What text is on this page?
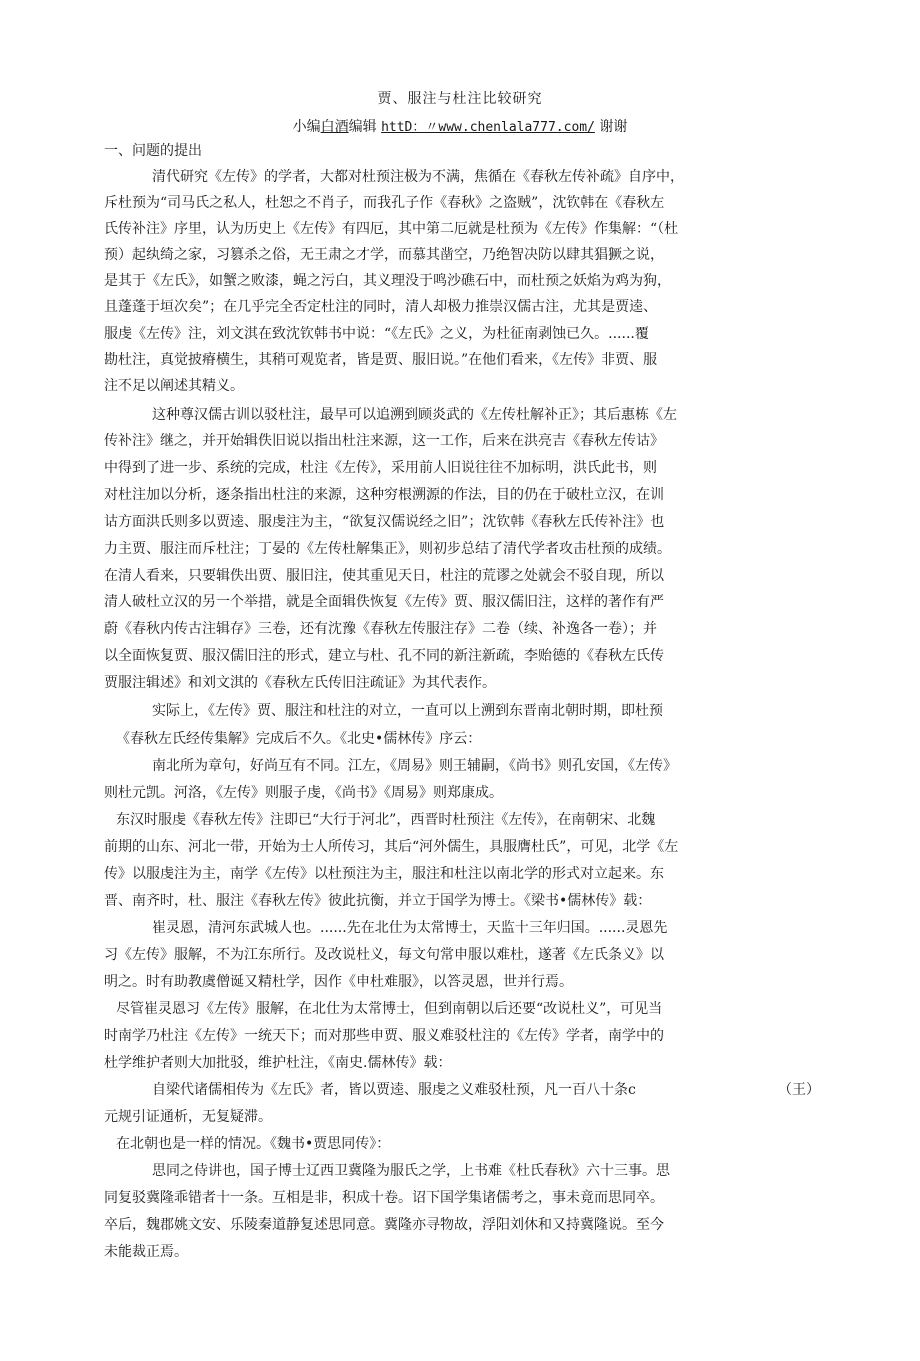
贾、服注与杜注比较研究
小编白酒编辑 httD：〃www.chenlala777.com/ 谢谢
一、问题的提出
清代研究《左传》的学者，大都对杜预注极为不满，焦循在《春秋左传补疏》自序中，
斥杜预为“司马氏之私人，杜恕之不肖子，而我孔子作《春秋》之盗贼”，沈钦韩在《春秋左
氏传补注》序里，认为历史上《左传》有四厄，其中第二厄就是杜预为《左传》作集解：“（杜
预）起纨绮之家，习篡杀之俗，无王肃之才学，而慕其凿空，乃绝智决防以肆其猖獗之说，
是其于《左氏》，如蟹之败漆，蝇之污白，其义理没于鸣沙礁石中，而杜预之妖焰为鸡为狗，
且蓬蓬于垣次矣”；在几乎完全否定杜注的同时，清人却极力推崇汉儒古注，尤其是贾逵、
服虔《左传》注，刘文淇在致沈钦韩书中说：“《左氏》之义，为杜征南剥蚀已久。......覆
勘杜注，真觉披瘠横生，其稍可观览者，皆是贾、服旧说。”在他们看来，《左传》非贾、服
注不足以阐述其精义。
这种尊汉儒古训以驳杜注，最早可以追溯到顾炎武的《左传杜解补正》；其后惠栋《左
传补注》继之，并开始辑佚旧说以指出杜注来源，这一工作，后来在洪亮吉《春秋左传诂》
中得到了进一步、系统的完成，杜注《左传》，采用前人旧说往往不加标明，洪氏此书，则
对杜注加以分析，逐条指出杜注的来源，这种穷根溯源的作法，目的仍在于破杜立汉，在训
诂方面洪氏则多以贾逵、服虔注为主，“欲复汉儒说经之旧”；沈钦韩《春秋左氏传补注》也
力主贾、服注而斥杜注；丁晏的《左传杜解集正》，则初步总结了清代学者攻击杜预的成绩。
在清人看来，只要辑佚出贾、服旧注，使其重见天日，杜注的荒谬之处就会不驳自现，所以
清人破杜立汉的另一个举措，就是全面辑佚恢复《左传》贾、服汉儒旧注，这样的著作有严
蔚《春秋内传古注辑存》三卷，还有沈豫《春秋左传服注存》二卷（续、补逸各一卷）；并
以全面恢复贾、服汉儒旧注的形式，建立与杜、孔不同的新注新疏，李贻德的《春秋左氏传
贾服注辑述》和刘文淇的《春秋左氏传旧注疏证》为其代表作。
实际上，《左传》贾、服注和杜注的对立，一直可以上溯到东晋南北朝时期，即杜预
《春秋左氏经传集解》完成后不久。《北史•儒林传》序云：
南北所为章句，好尚互有不同。江左，《周易》则王辅嗣，《尚书》则孔安国，《左传》
则杜元凯。河洛，《左传》则服子虔，《尚书》《周易》则郑康成。
东汉时服虔《春秋左传》注即已“大行于河北”，西晋时杜预注《左传》，在南朝宋、北魏
前期的山东、河北一带，开始为士人所传习，其后“河外儒生，具服膺杜氏”，可见，北学《左
传》以服虔注为主，南学《左传》以杜预注为主，服注和杜注以南北学的形式对立起来。东
晋、南齐时，杜、服注《春秋左传》彼此抗衡，并立于国学为博士。《梁书•儒林传》载：
崔灵恩，清河东武城人也。......先在北仕为太常博士，天监十三年归国。......灵恩先
习《左传》服解，不为江东所行。及改说杜义，每文句常申服以难杜，遂著《左氏条义》以
明之。时有助教虞僧诞又精杜学，因作《申杜难服》，以答灵恩，世并行焉。
尽管崔灵恩习《左传》服解，在北仕为太常博士，但到南朝以后还要“改说杜义”，可见当
时南学乃杜注《左传》一统天下；而对那些申贾、服义难驳杜注的《左传》学者，南学中的
杜学维护者则大加批驳，维护杜注，《南史.儒林传》载：
自梁代诸儒相传为《左氏》者，皆以贾逵、服虔之义难驳杜预，凡一百八十条c	（王）
元规引证通析，无复疑滞。
在北朝也是一样的情况。《魏书•贾思同传》：
思同之侍讲也，国子博士辽西卫冀隆为服氏之学，上书难《杜氏春秋》六十三事。思
同复驳冀隆乖错者十一条。互相是非，积成十卷。诏下国学集诸儒考之，事未竟而思同卒。
卒后，魏郡姚文安、乐陵秦道静复述思同意。冀隆亦寻物故，浮阳刘休和又持冀隆说。至今
未能裁正焉。
